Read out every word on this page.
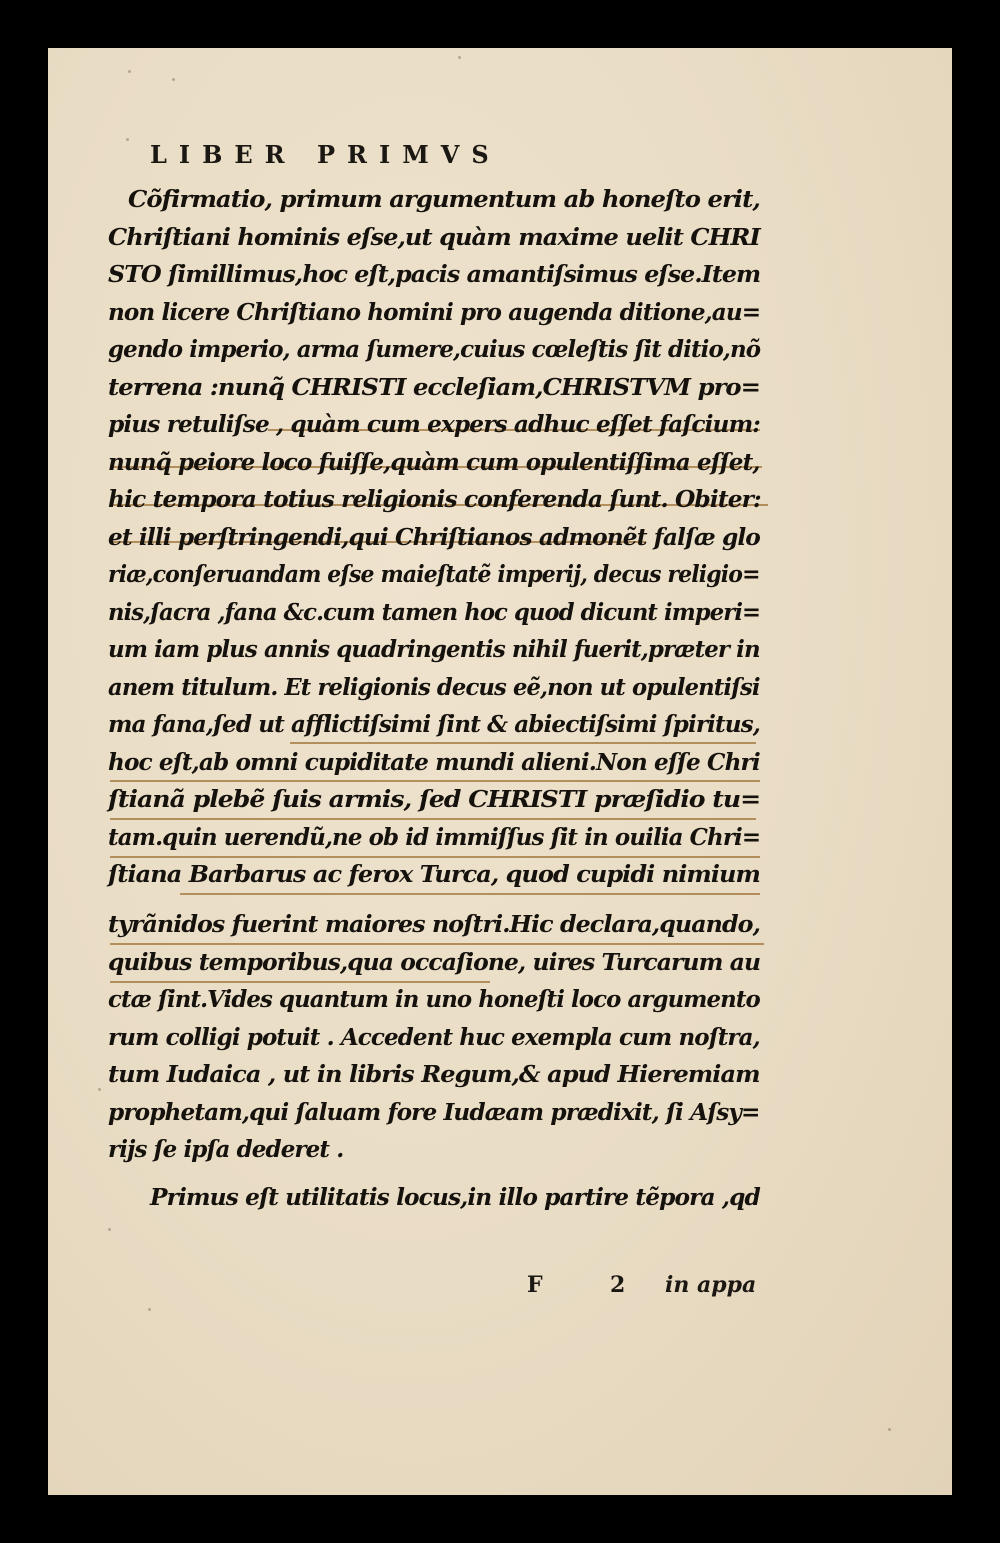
LIBER PRIMVS
Cõfirmatio, primum argumentum ab honeſto erit,
Chriſtiani hominis eſse,ut quàm maxime uelit CHRI
STO ſimillimus,hoc eſt,pacis amantiſsimus eſse.Item
non licere Chriſtiano homini pro augenda ditione,au=
gendo imperio, arma ſumere,cuius cœleſtis ſit ditio,nõ
terrena :nunq̃ CHRISTI eccleſiam,CHRISTVM pro=
pius retuliſse , quàm cum expers adhuc eſſet faſcium:
nunq̃ peiore loco fuiſſe,quàm cum opulentiſſima eſſet,
hic tempora totius religionis conferenda ſunt. Obiter:
et illi perſtringendi,qui Chriſtianos admonẽt falſæ glo
riæ,conſeruandam eſse maieſtatẽ imperij, decus religio=
nis,ſacra ,fana &c.cum tamen hoc quod dicunt imperi=
um iam plus annis quadringentis nihil fuerit,præter in
anem titulum. Et religionis decus eẽ,non ut opulentiſsi
ma fana,ſed ut afflictiſsimi ſint & abiectiſsimi ſpiritus,
hoc eſt,ab omni cupiditate mundi alieni.Non eſſe Chri
ſtianã plebẽ ſuis armis, ſed CHRISTI præſidio tu=
tam.quin uerendũ,ne ob id immiſſus ſit in ouilia Chri=
ſtiana Barbarus ac ferox Turca, quod cupidi nimium
tyrãnidos fuerint maiores noſtri.Hic declara,quando,
quibus temporibus,qua occaſione, uires Turcarum au
ctæ ſint.Vides quantum in uno honeſti loco argumento
rum colligi potuit . Accedent huc exempla cum noſtra,
tum Iudaica , ut in libris Regum,& apud Hieremiam
prophetam,qui ſaluam fore Iudæam prædixit, ſi Aſsy=
rijs ſe ipſa dederet .
Primus eſt utilitatis locus,in illo partire tẽpora ,qd
F	2 in appa
